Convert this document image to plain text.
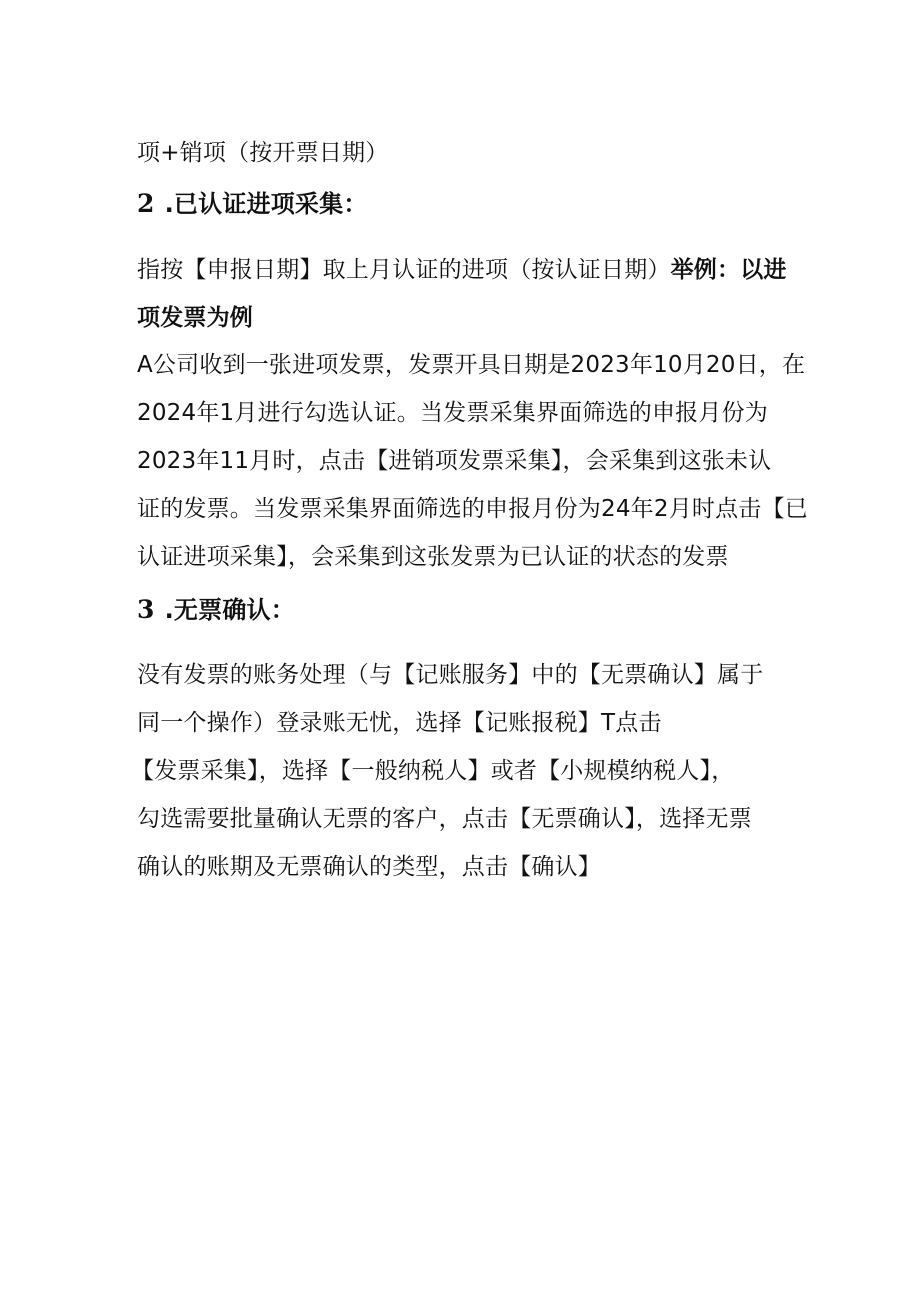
项+销项（按开票日期）
2 .已认证进项采集：
指按【申报日期】取上月认证的进项（按认证日期）举例：以进
项发票为例
A公司收到一张进项发票，发票开具日期是2023年10月20日，在
2024年1月进行勾选认证。当发票采集界面筛选的申报月份为
2023年11月时，点击【进销项发票采集】，会采集到这张未认
证的发票。当发票采集界面筛选的申报月份为24年2月时点击【已
认证进项采集】，会采集到这张发票为已认证的状态的发票
3 .无票确认：
没有发票的账务处理（与【记账服务】中的【无票确认】属于
同一个操作）登录账无忧，选择【记账报税】T点击
【发票采集】，选择【一般纳税人】或者【小规模纳税人】，
勾选需要批量确认无票的客户，点击【无票确认】，选择无票
确认的账期及无票确认的类型，点击【确认】
